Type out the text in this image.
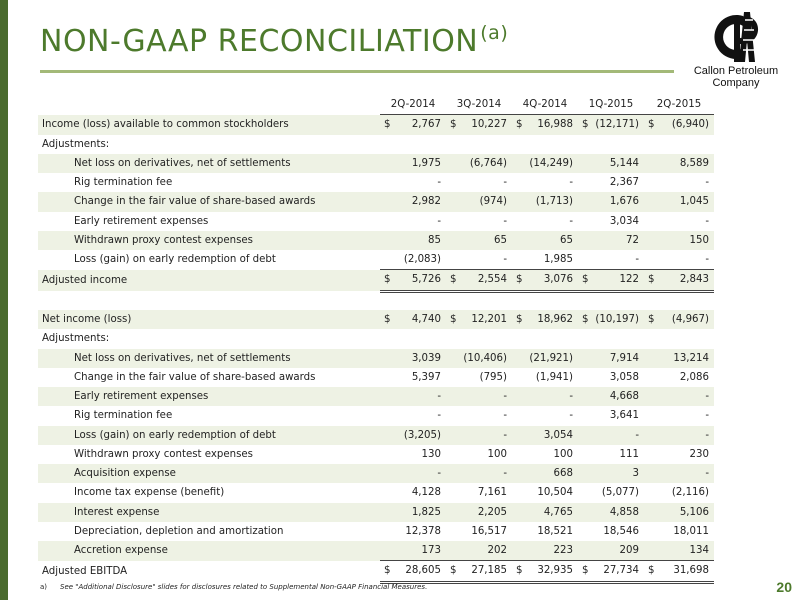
NON-GAAP RECONCILIATION $^{(a)}$
Callon Petroleum
Company
	2Q-2014		3Q-2014		4Q-2014		1Q-2015		2Q-2015	
Income (loss) available to common stockholders	$	2,767	$	10,227	$	16,988	$	(12,171)	$	(6,940)
Adjustments:										
Net loss on derivatives, net of settlements		1,975		(6,764)		(14,249)		5,144		8,589
Rig termination fee		-		-		-		2,367		-
Change in the fair value of share-based awards		2,982		(974)		(1,713)		1,676		1,045
Early retirement expenses		-		-		-		3,034		-
Withdrawn proxy contest expenses		85		65		65		72		150
Loss (gain) on early redemption of debt		(2,083)		-		1,985		-		-
Adjusted income	$	5,726	$	2,554	$	3,076	$	122	$	2,843

Net income (loss)	$	4,740	$	12,201	$	18,962	$	(10,197)	$	(4,967)
Adjustments:										
Net loss on derivatives, net of settlements		3,039		(10,406)		(21,921)		7,914		13,214
Change in the fair value of share-based awards		5,397		(795)		(1,941)		3,058		2,086
Early retirement expenses		-		-		-		4,668		-
Rig termination fee		-		-		-		3,641		-
Loss (gain) on early redemption of debt		(3,205)		-		3,054		-		-
Withdrawn proxy contest expenses		130		100		100		111		230
Acquisition expense		-		-		668		3		-
Income tax expense (benefit)		4,128		7,161		10,504		(5,077)		(2,116)
Interest expense		1,825		2,205		4,765		4,858		5,106
Depreciation, depletion and amortization		12,378		16,517		18,521		18,546		18,011
Accretion expense		173		202		223		209		134
Adjusted EBITDA	$	28,605	$	27,185	$	32,935	$	27,734	$	31,698
a) See "Additional Disclosure" slides for disclosures related to Supplemental Non-GAAP Financial Measures.	20
